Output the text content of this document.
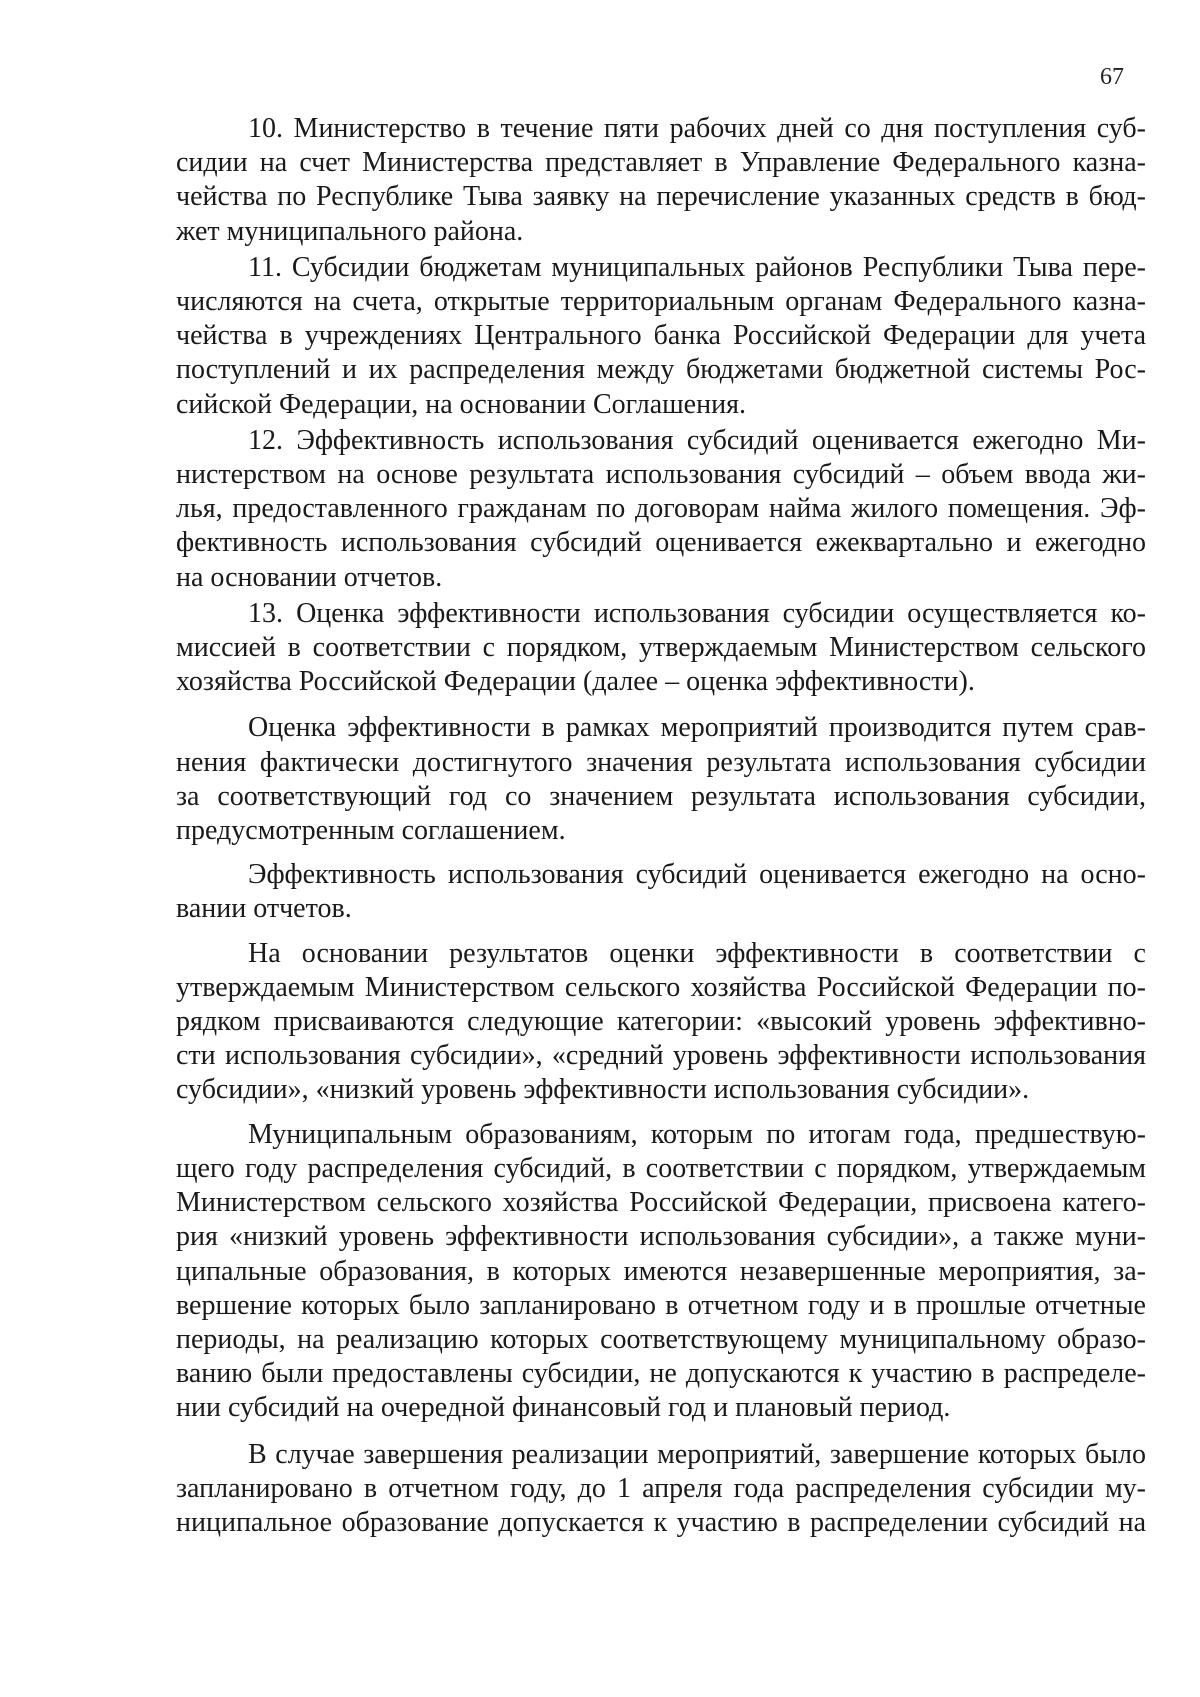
67

10. Министерство в течение пяти рабочих дней со дня поступления суб-
сидии на счет Министерства представляет в Управление Федерального казна-
чейства по Республике Тыва заявку на перечисление указанных средств в бюд-
жет муниципального района.

11. Субсидии бюджетам муниципальных районов Республики Тыва пере-
числяются на счета, открытые территориальным органам Федерального казна-
чейства в учреждениях Центрального банка Российской Федерации для учета
поступлений и их распределения между бюджетами бюджетной системы Рос-
сийской Федерации, на основании Соглашения.

12. Эффективность использования субсидий оценивается ежегодно Ми-
нистерством на основе результата использования субсидий – объем ввода жи-
лья, предоставленного гражданам по договорам найма жилого помещения. Эф-
фективность использования субсидий оценивается ежеквартально и ежегодно
на основании отчетов.

13. Оценка эффективности использования субсидии осуществляется ко-
миссией в соответствии с порядком, утверждаемым Министерством сельского
хозяйства Российской Федерации (далее – оценка эффективности).

Оценка эффективности в рамках мероприятий производится путем срав-
нения фактически достигнутого значения результата использования субсидии
за соответствующий год со значением результата использования субсидии,
предусмотренным соглашением.

Эффективность использования субсидий оценивается ежегодно на осно-
вании отчетов.

На основании результатов оценки эффективности в соответствии с
утверждаемым Министерством сельского хозяйства Российской Федерации по-
рядком присваиваются следующие категории: «высокий уровень эффективно-
сти использования субсидии», «средний уровень эффективности использования
субсидии», «низкий уровень эффективности использования субсидии».

Муниципальным образованиям, которым по итогам года, предшествую-
щего году распределения субсидий, в соответствии с порядком, утверждаемым
Министерством сельского хозяйства Российской Федерации, присвоена катего-
рия «низкий уровень эффективности использования субсидии», а также муни-
ципальные образования, в которых имеются незавершенные мероприятия, за-
вершение которых было запланировано в отчетном году и в прошлые отчетные
периоды, на реализацию которых соответствующему муниципальному образо-
ванию были предоставлены субсидии, не допускаются к участию в распределе-
нии субсидий на очередной финансовый год и плановый период.

В случае завершения реализации мероприятий, завершение которых было
запланировано в отчетном году, до 1 апреля года распределения субсидии му-
ниципальное образование допускается к участию в распределении субсидий на
